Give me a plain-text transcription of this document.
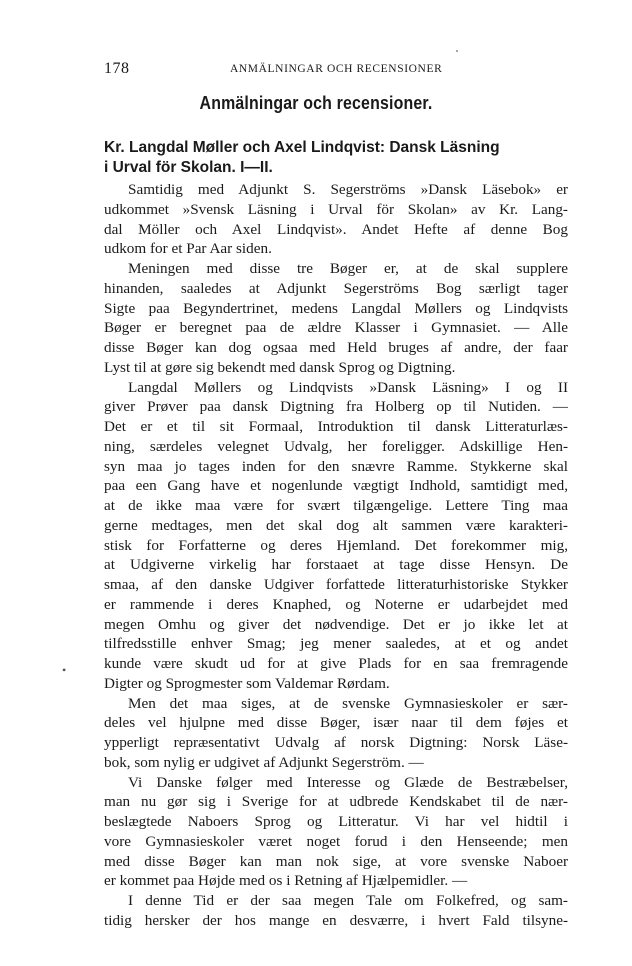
178	ANMÄLNINGAR OCH RECENSIONER
Anmälningar och recensioner.
Kr. Langdal Møller och Axel Lindqvist: Dansk Läsning
i Urval för Skolan. I—II.
•
Samtidig med Adjunkt S. Segerströms »Dansk Läsebok» er
udkommet »Svensk Läsning i Urval för Skolan» av Kr. Lang-
dal Möller och Axel Lindqvist». Andet Hefte af denne Bog
udkom for et Par Aar siden.
Meningen med disse tre Bøger er, at de skal supplere
hinanden, saaledes at Adjunkt Segerströms Bog særligt tager
Sigte paa Begyndertrinet, medens Langdal Møllers og Lindqvists
Bøger er beregnet paa de ældre Klasser i Gymnasiet. — Alle
disse Bøger kan dog ogsaa med Held bruges af andre, der faar
Lyst til at gøre sig bekendt med dansk Sprog og Digtning.
Langdal Møllers og Lindqvists »Dansk Läsning» I og II
giver Prøver paa dansk Digtning fra Holberg op til Nutiden. —
Det er et til sit Formaal, Introduktion til dansk Litteraturlæs-
ning, særdeles velegnet Udvalg, her foreligger. Adskillige Hen-
syn maa jo tages inden for den snævre Ramme. Stykkerne skal
paa een Gang have et nogenlunde vægtigt Indhold, samtidigt med,
at de ikke maa være for svært tilgængelige. Lettere Ting maa
gerne medtages, men det skal dog alt sammen være karakteri-
stisk for Forfatterne og deres Hjemland. Det forekommer mig,
at Udgiverne virkelig har forstaaet at tage disse Hensyn. De
smaa, af den danske Udgiver forfattede litteraturhistoriske Stykker
er rammende i deres Knaphed, og Noterne er udarbejdet med
megen Omhu og giver det nødvendige. Det er jo ikke let at
tilfredsstille enhver Smag; jeg mener saaledes, at et og andet
kunde være skudt ud for at give Plads for en saa fremragende
Digter og Sprogmester som Valdemar Rørdam.
Men det maa siges, at de svenske Gymnasieskoler er sær-
deles vel hjulpne med disse Bøger, især naar til dem føjes et
ypperligt repræsentativt Udvalg af norsk Digtning: Norsk Läse-
bok, som nylig er udgivet af Adjunkt Segerström. —
Vi Danske følger med Interesse og Glæde de Bestræbelser,
man nu gør sig i Sverige for at udbrede Kendskabet til de nær-
beslægtede Naboers Sprog og Litteratur. Vi har vel hidtil i
vore Gymnasieskoler været noget forud i den Henseende; men
med disse Bøger kan man nok sige, at vore svenske Naboer
er kommet paa Højde med os i Retning af Hjælpemidler. —
I denne Tid er der saa megen Tale om Folkefred, og sam-
tidig hersker der hos mange en desværre, i hvert Fald tilsyne-
